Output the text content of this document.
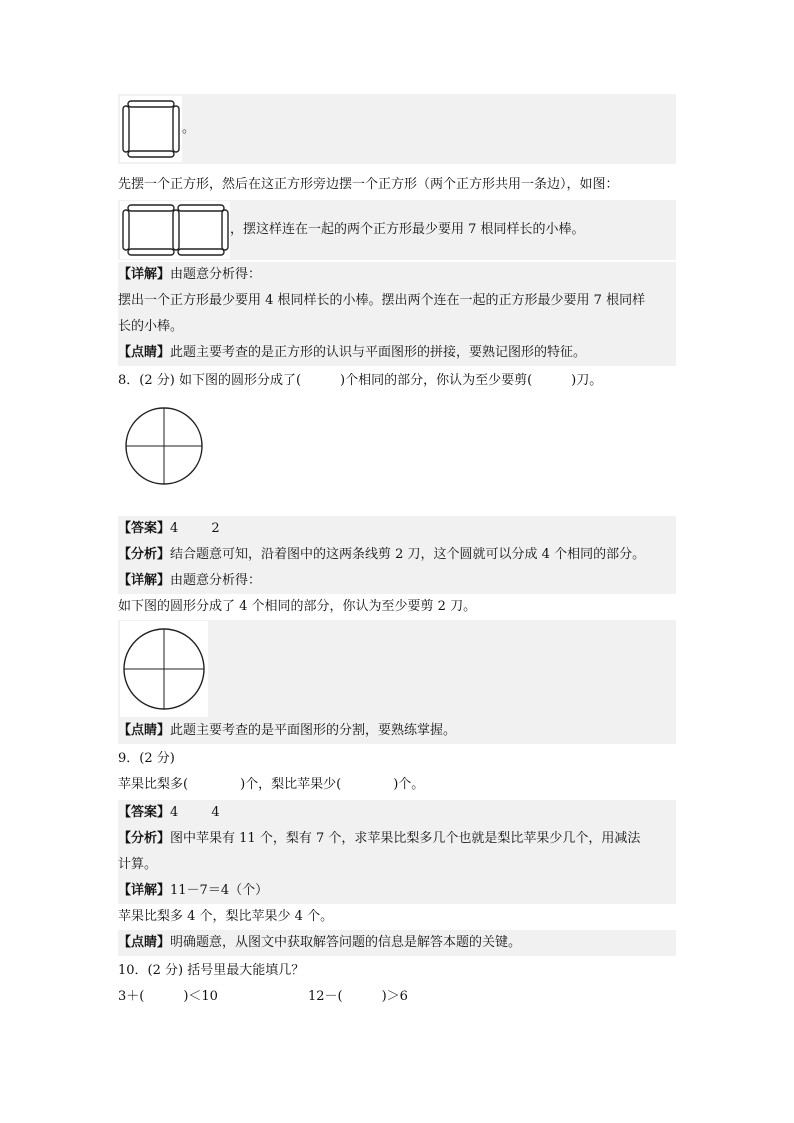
。
先摆一个正方形，然后在这正方形旁边摆一个正方形（两个正方形共用一条边），如图：
，摆这样连在一起的两个正方形最少要用 7 根同样长的小棒。
【详解】由题意分析得：
摆出一个正方形最少要用 4 根同样长的小棒。摆出两个连在一起的正方形最少要用 7 根同样
长的小棒。
【点睛】此题主要考查的是正方形的认识与平面图形的拼接，要熟记图形的特征。
8．(2 分) 如下图的圆形分成了(　　　)个相同的部分，你认为至少要剪(　　　)刀。
【答案】4	2
【分析】结合题意可知，沿着图中的这两条线剪 2 刀，这个圆就可以分成 4 个相同的部分。
【详解】由题意分析得：
如下图的圆形分成了 4 个相同的部分，你认为至少要剪 2 刀。
【点睛】此题主要考查的是平面图形的分割，要熟练掌握。
9．(2 分)
苹果比梨多(　　　　)个，梨比苹果少(　　　　)个。
【答案】4	4
【分析】图中苹果有 11 个，梨有 7 个，求苹果比梨多几个也就是梨比苹果少几个，用减法
计算。
【详解】11－7＝4（个）
苹果比梨多 4 个，梨比苹果少 4 个。
【点睛】明确题意，从图文中获取解答问题的信息是解答本题的关键。
10．(2 分) 括号里最大能填几？
3＋(　　　)＜10	12－(　　　)＞6
